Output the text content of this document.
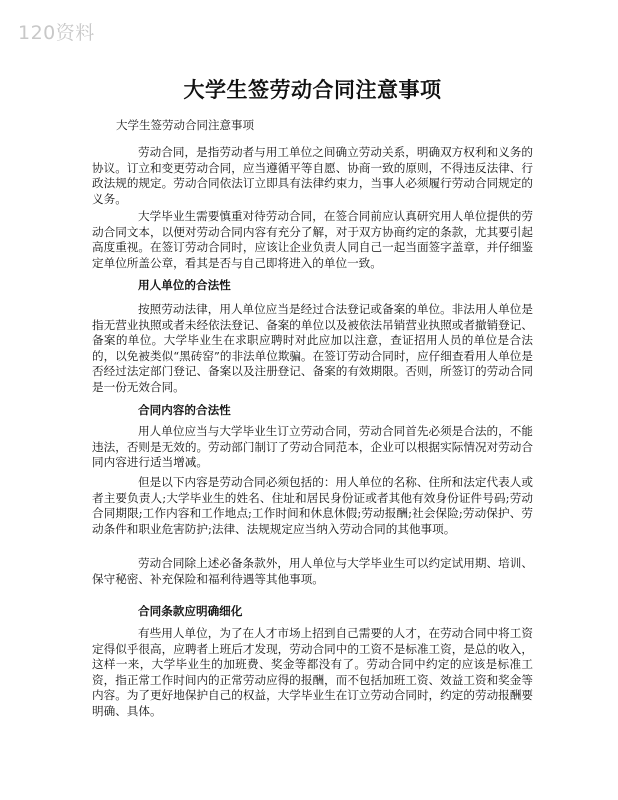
120资料
大学生签劳动合同注意事项

大学生签劳动合同注意事项

劳动合同，是指劳动者与用工单位之间确立劳动关系，明确双方权利和义务的协议。订立和变更劳动合同，应当遵循平等自愿、协商一致的原则，不得违反法律、行政法规的规定。劳动合同依法订立即具有法律约束力，当事人必须履行劳动合同规定的义务。

大学毕业生需要慎重对待劳动合同，在签合同前应认真研究用人单位提供的劳动合同文本，以便对劳动合同内容有充分了解，对于双方协商约定的条款，尤其要引起高度重视。在签订劳动合同时，应该让企业负责人同自己一起当面签字盖章，并仔细鉴定单位所盖公章，看其是否与自己即将进入的单位一致。

用人单位的合法性

按照劳动法律，用人单位应当是经过合法登记或备案的单位。非法用人单位是指无营业执照或者未经依法登记、备案的单位以及被依法吊销营业执照或者撤销登记、备案的单位。大学毕业生在求职应聘时对此应加以注意，查证招用人员的单位是合法的，以免被类似“黑砖窑”的非法单位欺骗。在签订劳动合同时，应仔细查看用人单位是否经过法定部门登记、备案以及注册登记、备案的有效期限。否则，所签订的劳动合同是一份无效合同。

合同内容的合法性

用人单位应当与大学毕业生订立劳动合同，劳动合同首先必须是合法的，不能违法，否则是无效的。劳动部门制订了劳动合同范本，企业可以根据实际情况对劳动合同内容进行适当增减。

但是以下内容是劳动合同必须包括的：用人单位的名称、住所和法定代表人或者主要负责人;大学毕业生的姓名、住址和居民身份证或者其他有效身份证件号码;劳动合同期限;工作内容和工作地点;工作时间和休息休假;劳动报酬;社会保险;劳动保护、劳动条件和职业危害防护;法律、法规规定应当纳入劳动合同的其他事项。

劳动合同除上述必备条款外，用人单位与大学毕业生可以约定试用期、培训、保守秘密、补充保险和福利待遇等其他事项。

合同条款应明确细化

有些用人单位，为了在人才市场上招到自己需要的人才，在劳动合同中将工资定得似乎很高，应聘者上班后才发现，劳动合同中的工资不是标准工资，是总的收入，这样一来，大学毕业生的加班费、奖金等都没有了。劳动合同中约定的应该是标准工资，指正常工作时间内的正常劳动应得的报酬，而不包括加班工资、效益工资和奖金等内容。为了更好地保护自己的权益，大学毕业生在订立劳动合同时，约定的劳动报酬要明确、具体。
